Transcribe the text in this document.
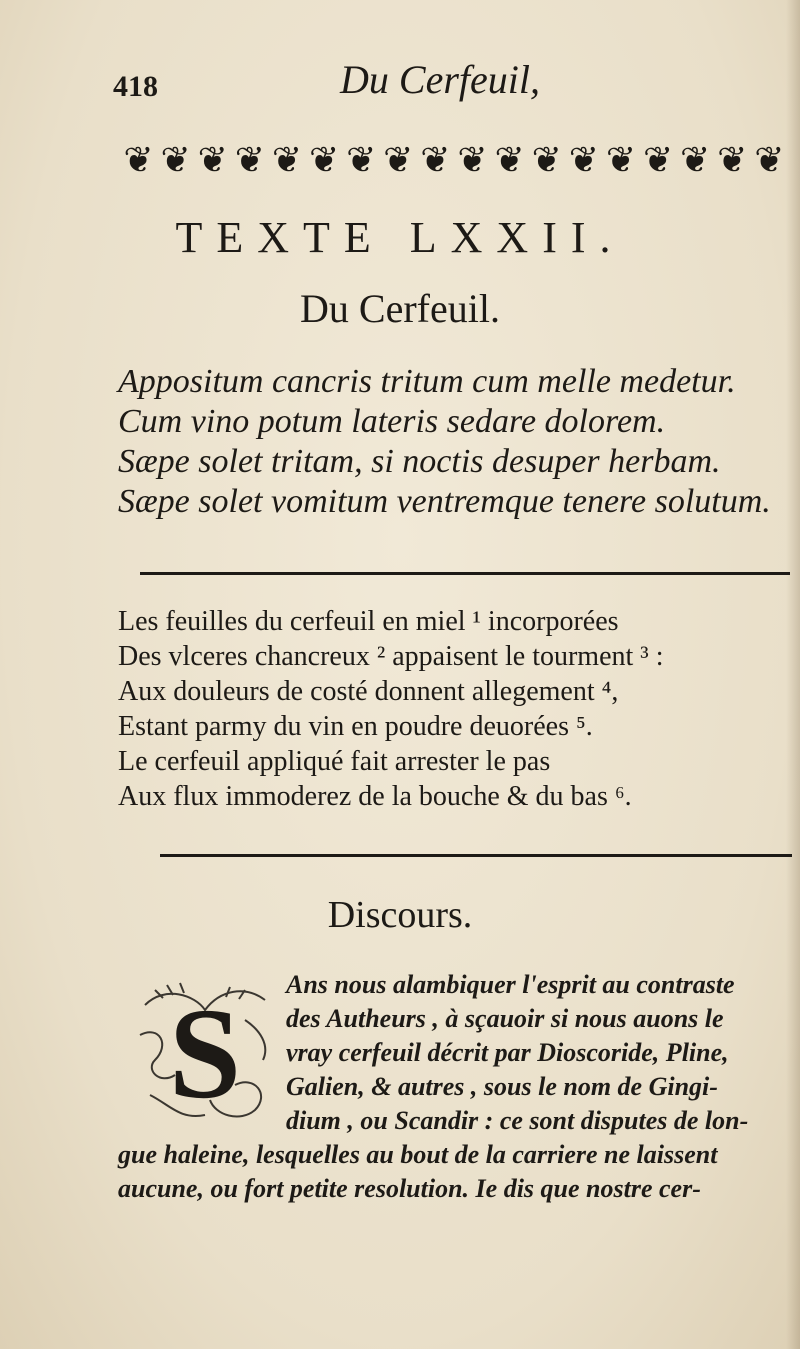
418	Du Cerfeuil,
❦ ❦ ❦ ❦ ❦ ❦ ❦ ❦ ❦ ❦ ❦ ❦ ❦ ❦ ❦ ❦ ❦ ❦
TEXTE LXXII.
Du Cerfeuil.
Appositum cancris tritum cum melle medetur.
Cum vino potum lateris sedare dolorem.
Sæpe solet tritam, si noctis desuper herbam.
Sæpe solet vomitum ventremque tenere solutum.
Les feuilles du cerfeuil en miel ¹ incorporées
Des vlceres chancreux ² appaisent le tourment ³ :
Aux douleurs de costé donnent allegement ⁴,
Estant parmy du vin en poudre deuorées ⁵.
Le cerfeuil appliqué fait arrester le pas
Aux flux immoderez de la bouche & du bas ⁶.
Discours.
S	Ans nous alambiquer l'esprit au contraste
des Autheurs , à sçauoir si nous auons le
vray cerfeuil décrit par Dioscoride, Pline,
Galien, & autres , sous le nom de Gingi-
dium , ou Scandir : ce sont disputes de lon-
gue haleine, lesquelles au bout de la carriere ne laissent
aucune, ou fort petite resolution. Ie dis que nostre cer-
